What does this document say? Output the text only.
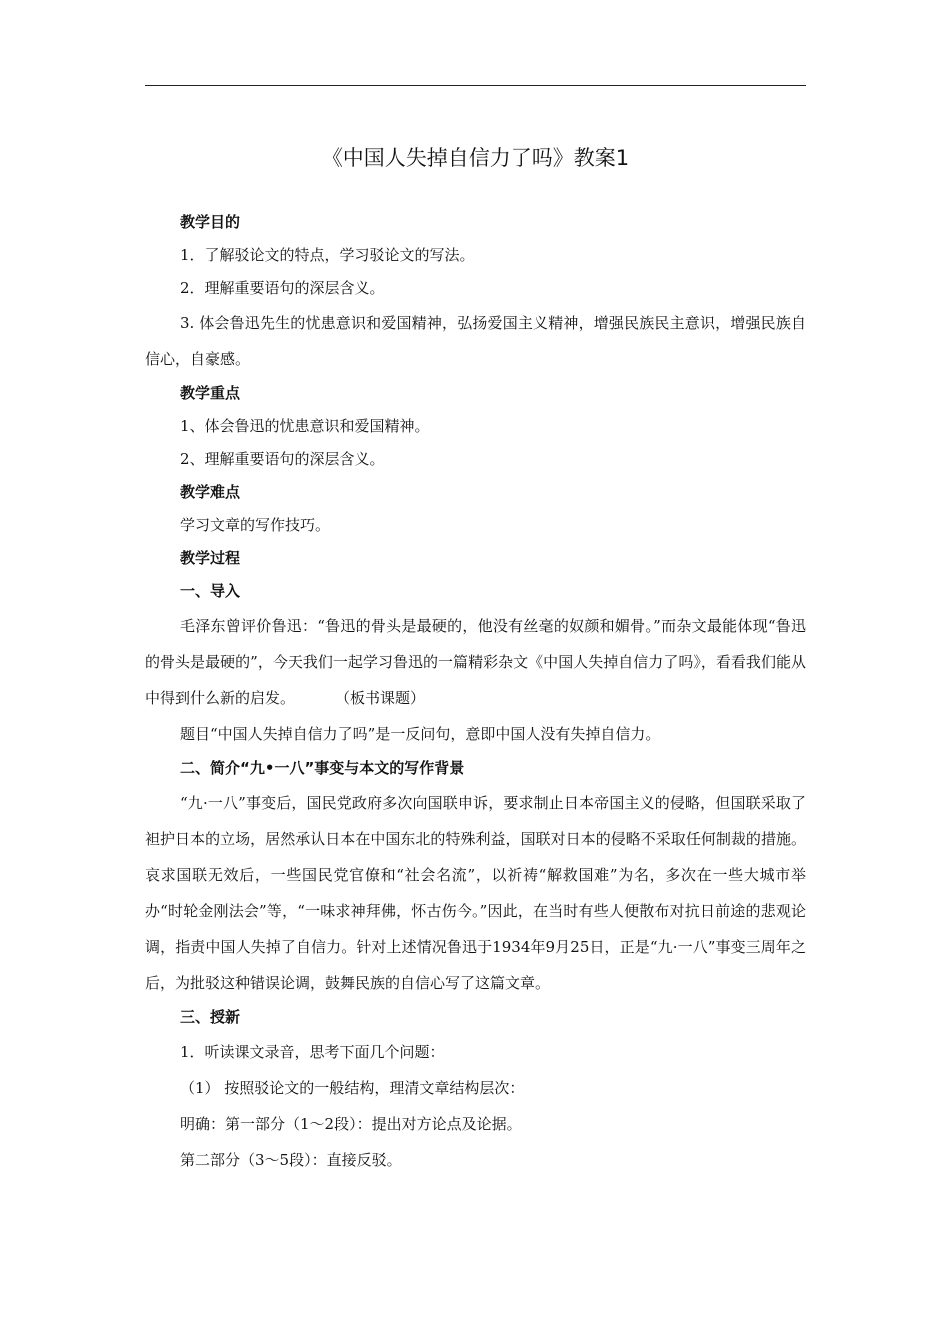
《中国人失掉自信力了吗》教案1

教学目的

1．了解驳论文的特点，学习驳论文的写法。

2．理解重要语句的深层含义。

3. 体会鲁迅先生的忧患意识和爱国精神，弘扬爱国主义精神，增强民族民主意识，增强民族自信心，自豪感。

教学重点

1、体会鲁迅的忧患意识和爱国精神。

2、理解重要语句的深层含义。

教学难点

学习文章的写作技巧。

教学过程

一、导入

毛泽东曾评价鲁迅：“鲁迅的骨头是最硬的，他没有丝毫的奴颜和媚骨。”而杂文最能体现“鲁迅的骨头是最硬的”，今天我们一起学习鲁迅的一篇精彩杂文《中国人失掉自信力了吗》，看看我们能从中得到什么新的启发。	（板书课题）

题目“中国人失掉自信力了吗”是一反问句，意即中国人没有失掉自信力。

二、简介“九•一八”事变与本文的写作背景

“九·一八”事变后，国民党政府多次向国联申诉，要求制止日本帝国主义的侵略，但国联采取了袒护日本的立场，居然承认日本在中国东北的特殊利益，国联对日本的侵略不采取任何制裁的措施。哀求国联无效后，一些国民党官僚和“社会名流”，以祈祷“解救国难”为名，多次在一些大城市举办“时轮金刚法会”等，“一味求神拜佛，怀古伤今。”因此，在当时有些人便散布对抗日前途的悲观论调，指责中国人失掉了自信力。针对上述情况鲁迅于1934年9月25日，正是“九·一八”事变三周年之后，为批驳这种错误论调，鼓舞民族的自信心写了这篇文章。

三、授新

1．听读课文录音，思考下面几个问题：

（1） 按照驳论文的一般结构，理清文章结构层次：

明确：第一部分（1～2段）：提出对方论点及论据。

第二部分（3～5段）：直接反驳。
